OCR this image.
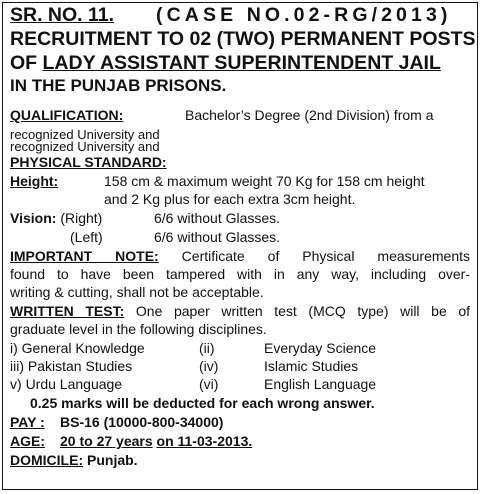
SR. NO. 11. (CASE NO.02-RG/2013)
RECRUITMENT TO 02 (TWO) PERMANENT POSTS
OF LADY ASSISTANT SUPERINTENDENT JAIL
IN THE PUNJAB PRISONS.
QUALIFICATION:	Bachelor’s Degree (2nd Division) from a
recognized University and
recognized University and
PHYSICAL STANDARD:
Height:	158 cm & maximum weight 70 Kg for 158 cm height
and 2 Kg plus for each extra 3cm height.
Vision: (Right)	6/6 without Glasses.
(Left)	6/6 without Glasses.
IMPORTANT NOTE: Certificate of Physical measurements
found to have been tampered with in any way, including over-
writing & cutting, shall not be acceptable.
WRITTEN TEST: One paper written test (MCQ type) will be of
graduate level in the following disciplines.
i) General Knowledge	(ii)	Everyday Science
iii) Pakistan Studies	(iv)	Islamic Studies
v) Urdu Language	(vi)	English Language
0.25 marks will be deducted for each wrong answer.
PAY : BS-16 (10000-800-34000)
AGE: 20 to 27 years on 11-03-2013.
DOMICILE: Punjab.
